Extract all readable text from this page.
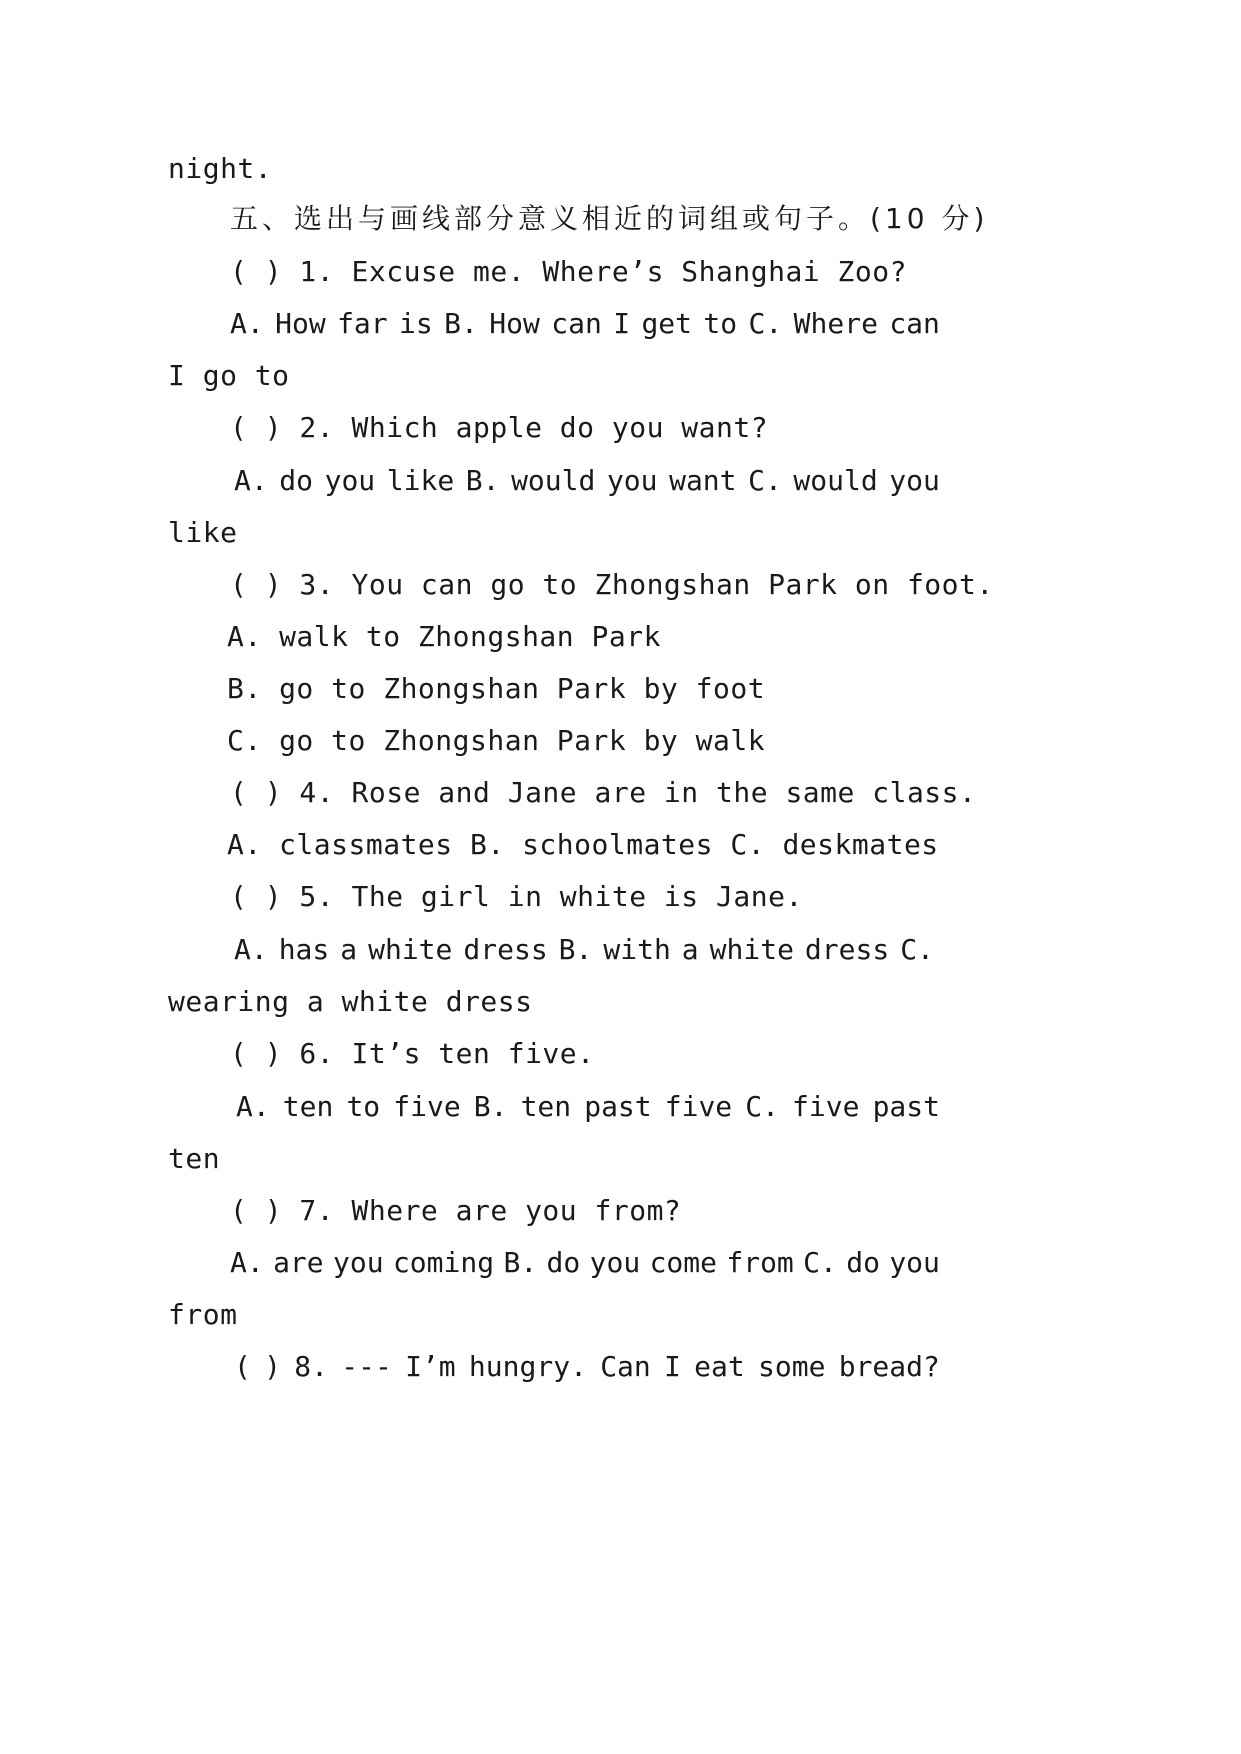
night.
五、选出与画线部分意义相近的词组或句子。(10 分)
( ) 1. Excuse me. Where’s Shanghai Zoo?
A. How far is B. How can I get to C. Where can
I go to
( ) 2. Which apple do you want?
A. do you like B. would you want C. would you
like
( ) 3. You can go to Zhongshan Park on foot.
A. walk to Zhongshan Park
B. go to Zhongshan Park by foot
C. go to Zhongshan Park by walk
( ) 4. Rose and Jane are in the same class.
A. classmates B. schoolmates C. deskmates
( ) 5. The girl in white is Jane.
A. has a white dress B. with a white dress C.
wearing a white dress
( ) 6. It’s ten five.
A. ten to five B. ten past five C. five past
ten
( ) 7. Where are you from?
A. are you coming B. do you come from C. do you
from
( ) 8. --- I’m hungry. Can I eat some bread?
